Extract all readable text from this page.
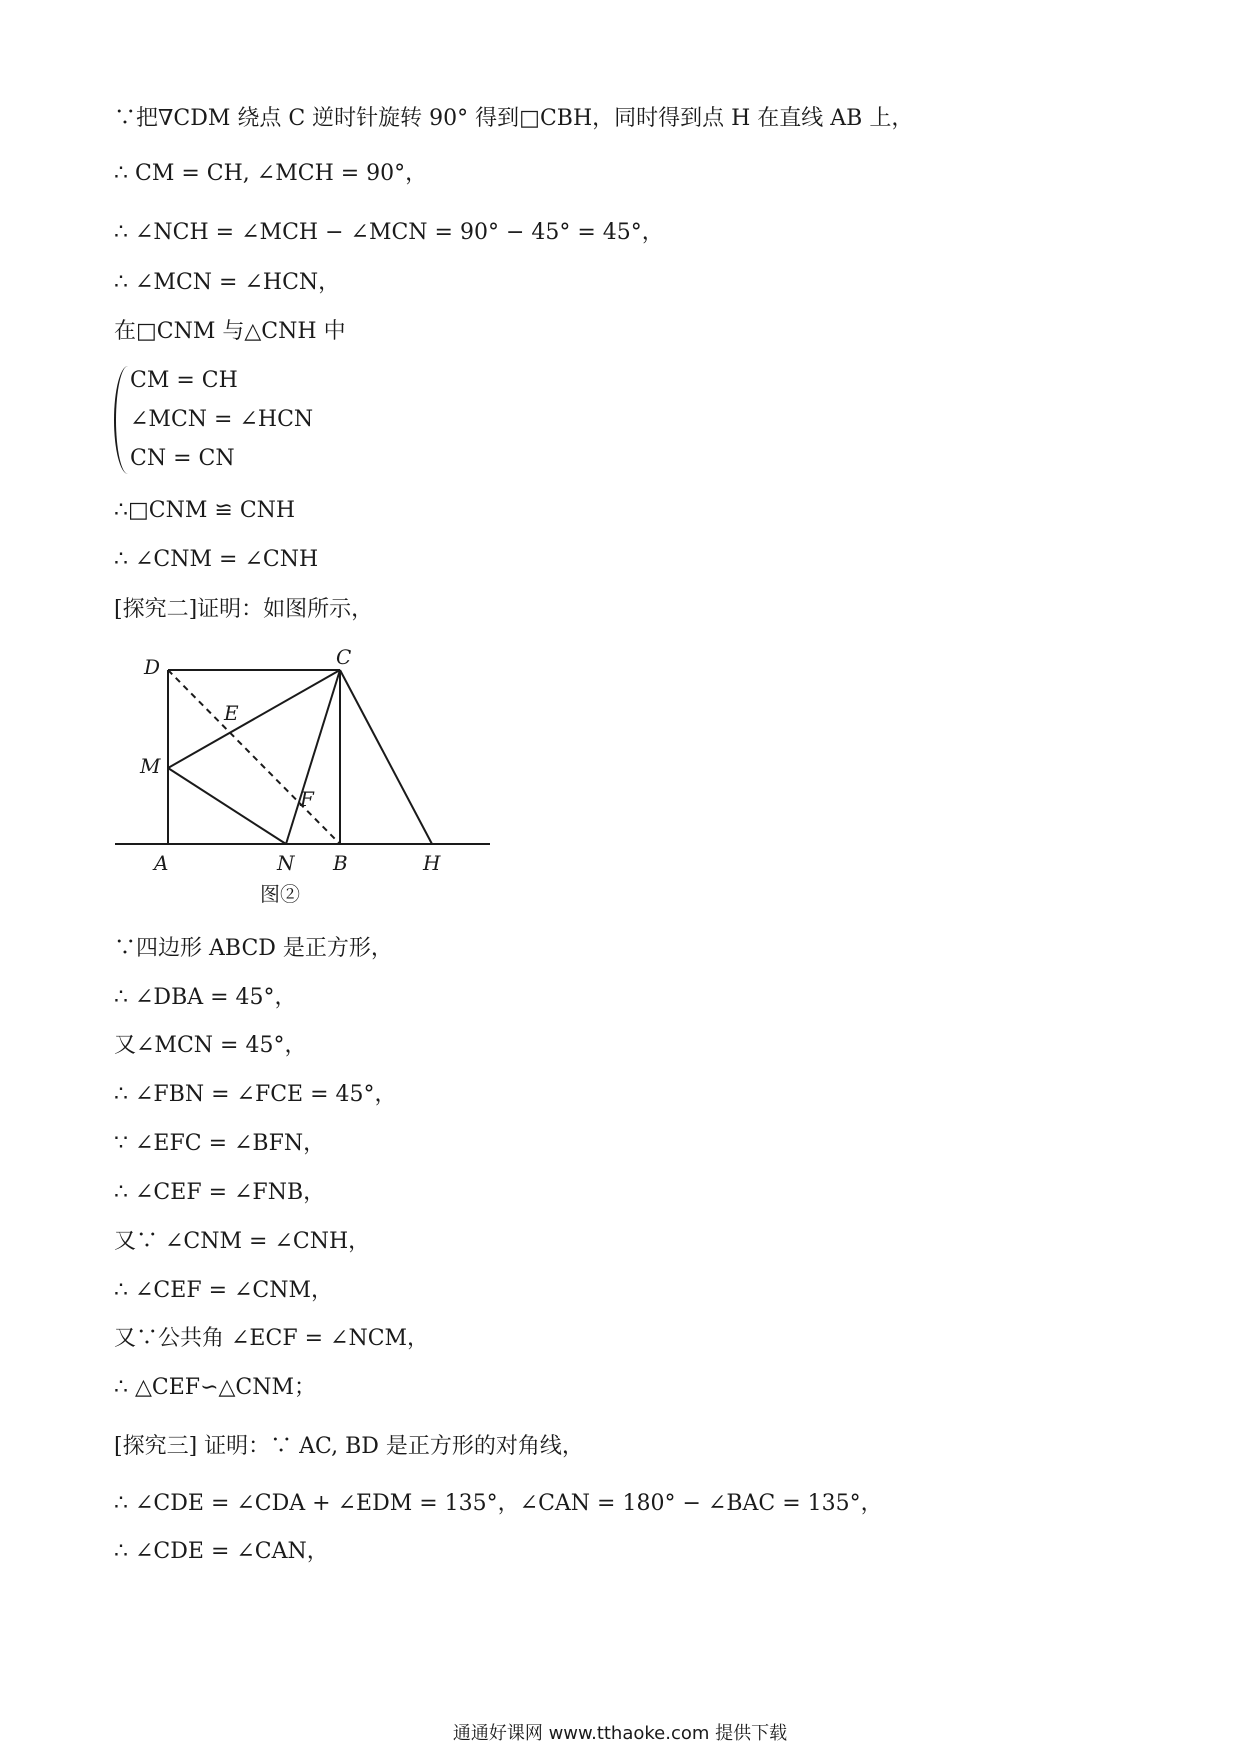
∵把∇CDM 绕点 C 逆时针旋转 90° 得到□CBH，同时得到点 H 在直线 AB 上，
∴ CM = CH, ∠MCH = 90°，
∴ ∠NCH = ∠MCH − ∠MCN = 90° − 45° = 45°，
∴ ∠MCN = ∠HCN，
在□CNM 与△CNH 中
CM = CH
∠MCN = ∠HCN
CN = CN
∴□CNM ≌ CNH
∴ ∠CNM = ∠CNH
[探究二]证明：如图所示，
D	C
E
M
F
A	N B	H
图②
∵四边形 ABCD 是正方形，
∴ ∠DBA = 45°，
又∠MCN = 45°，
∴ ∠FBN = ∠FCE = 45°，
∵ ∠EFC = ∠BFN，
∴ ∠CEF = ∠FNB，
又∵ ∠CNM = ∠CNH，
∴ ∠CEF = ∠CNM，
又∵公共角 ∠ECF = ∠NCM，
∴ △CEF∽△CNM；
[探究三] 证明：∵ AC, BD 是正方形的对角线，
∴ ∠CDE = ∠CDA + ∠EDM = 135°，∠CAN = 180° − ∠BAC = 135°，
∴ ∠CDE = ∠CAN，
通通好课网 www.tthaoke.com 提供下载
